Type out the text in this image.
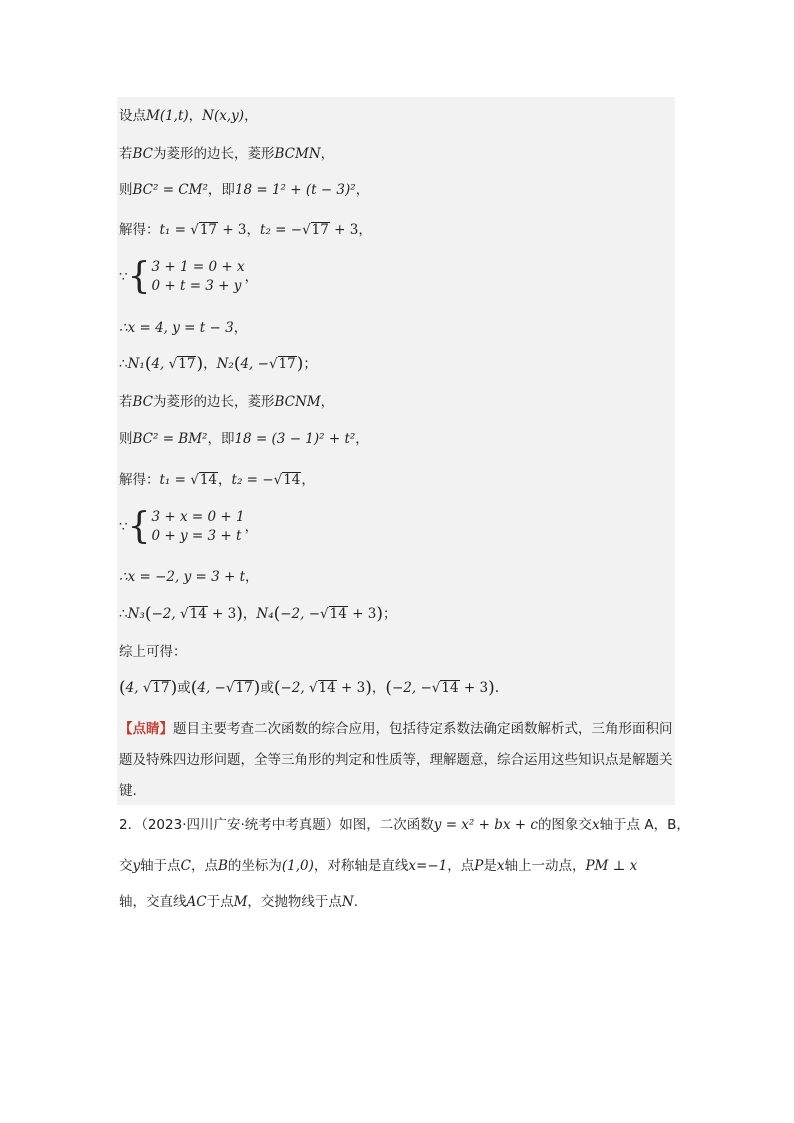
设点M(1,t)，N(x,y)，
若BC为菱形的边长，菱形BCMN，
则BC² = CM²，即18 = 1² + (t − 3)²，
解得：t₁ = √17 + 3，t₂ = −√17 + 3，
∵ { 3 + 1 = 0 + x
0 + t = 3 + y
，
∴x = 4, y = t − 3，
∴N₁(4, √17)，N₂(4, −√17)；
若BC为菱形的边长，菱形BCNM，
则BC² = BM²，即18 = (3 − 1)² + t²，
解得：t₁ = √14，t₂ = −√14，
∵ { 3 + x = 0 + 1
0 + y = 3 + t
，
∴x = −2, y = 3 + t，
∴N₃(−2, √14 + 3)，N₄(−2, −√14 + 3)；
综上可得：
(4, √17)或(4, −√17)或(−2, √14 + 3)，(−2, −√14 + 3).
【点睛】题目主要考查二次函数的综合应用，包括待定系数法确定函数解析式，三角形面积问题及特殊四边形问题，全等三角形的判定和性质等，理解题意，综合运用这些知识点是解题关键.
2．（2023·四川广安·统考中考真题）如图，二次函数y = x² + bx + c的图象交x轴于点 A，B，
交y轴于点C，点B的坐标为(1,0)，对称轴是直线x=−1，点P是x轴上一动点，PM ⊥ x
轴，交直线AC于点M，交抛物线于点N.
